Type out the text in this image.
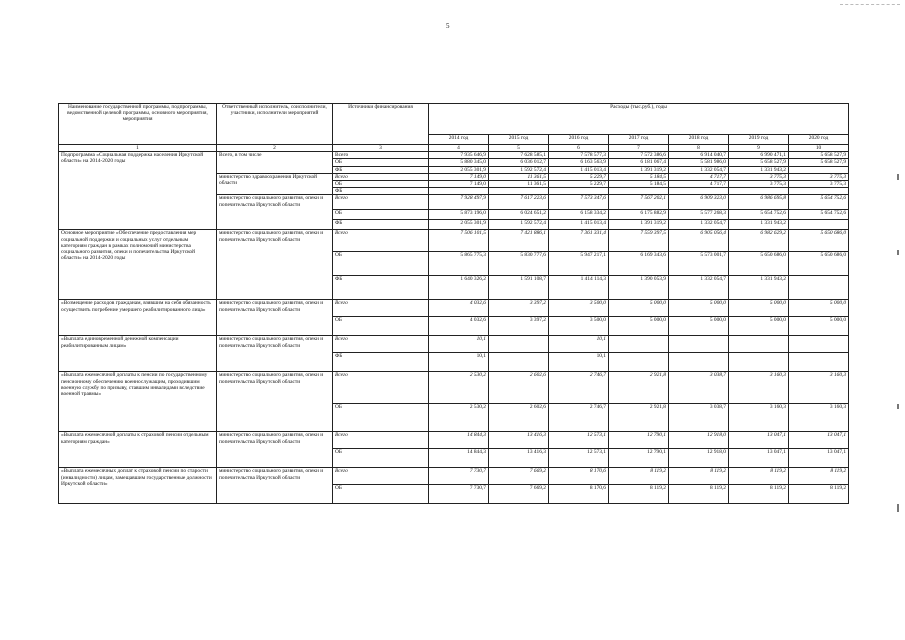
5
Наименование государственной программы, подпрограммы, ведомственной целевой программы, основного мероприятия, мероприятия	Ответственный исполнитель, соисполнители, участники, исполнители мероприятий	Источники финансирования	Расходы (тыс.руб.), годы						
			2014 год	2015 год	2016 год	2017 год	2018 год	2019 год	2020 год
1	2	3	4	5	6	7	8	9	10
Подпрограмма «Социальная поддержка населения Иркутской области» на 2014-2020 годы	Всего, в том числе	Всего	7 935 646,9	7 628 585,1	7 578 577,3	7 572 386,6	6 914 040,7	6 990 471,1	5 658 527,9
		ОБ	5 880 345,0	6 036 012,7	6 163 563,9	6 181 067,4	5 581 986,0	5 658 527,9	5 658 527,9
		ФБ	2 055 301,9	1 592 572,4	1 415 013,4	1 391 319,2	1 332 054,7	1 331 943,2	
	министерство здравоохранения Иркутской области	Всего	7 149,0	11 361,5	5 229,7	5 184,5	4 717,7	3 775,3	3 775,3
		ОБ	7 149,0	11 361,5	5 229,7	5 184,5	4 717,7	3 775,3	3 775,3
		ФБ							
	министерство социального развития, опеки и попечительства Иркутской области	Всего	7 928 497,9	7 617 223,6	7 573 347,6	7 567 202,1	6 909 323,0	6 986 695,8	5 654 752,6
		ОБ	5 873 196,0	6 024 651,2	6 158 334,2	6 175 882,9	5 577 268,3	5 654 752,6	5 654 752,6
		ФБ	2 055 301,9	1 592 572,4	1 415 013,4	1 391 319,2	1 332 054,7	1 331 943,2	
Основное мероприятие «Обеспечение предоставления мер социальной поддержки и социальных услуг отдельным категориям граждан в рамках полномочий министерства социального развития, опеки и попечительства Иркутской области» на 2014-2020 годы	министерство социального развития, опеки и попечительства Иркутской области	Всего	7 506 101,5	7 421 886,1	7 361 331,4	7 559 397,5	6 905 056,4	6 982 629,2	5 650 686,0
		ОБ	5 865 775,3	5 830 777,6	5 947 217,1	6 169 343,6	5 573 001,7	5 650 686,0	5 650 686,0
		ФБ	1 640 326,2	1 591 108,7	1 414 114,3	1 390 053,9	1 332 054,7	1 331 943,2	
«Возмещение расходов гражданам, взявшим на себя обязанность осуществить погребение умершего реабилитированного лица»	министерство социального развития, опеки и попечительства Иркутской области	Всего	4 032,6	3 397,2	3 500,0	5 000,0	5 000,0	5 000,0	5 000,0
		ОБ	4 032,6	3 397,2	3 500,0	5 000,0	5 000,0	5 000,0	5 000,0
«Выплата единовременной денежной компенсации реабилитированным лицам»	министерство социального развития, опеки и попечительства Иркутской области	Всего	10,1		10,1				
		ФБ	10,1		10,1				
«Выплата ежемесячной доплаты к пенсии по государственному пенсионному обеспечению военнослужащим, проходившим военную службу по призыву, ставшим инвалидами вследствие военной травмы»	министерство социального развития, опеки и попечительства Иркутской области	Всего	2 530,2	2 602,6	2 746,7	2 921,8	3 038,7	3 160,3	3 160,3
		ОБ	2 530,2	2 602,6	2 746,7	2 921,8	3 038,7	3 160,3	3 160,3
«Выплата ежемесячной доплаты к страховой пенсии отдельным категориям граждан»	министерство социального развития, опеки и попечительства Иркутской области	Всего	14 844,3	13 416,3	12 573,1	12 790,1	12 918,0	13 047,1	13 047,1
		ОБ	14 844,3	13 416,3	12 573,1	12 790,1	12 918,0	13 047,1	13 047,1
«Выплата ежемесячных доплат к страховой пенсии по старости (инвалидности) лицам, замещавшим государственные должности Иркутской области»	министерство социального развития, опеки и попечительства Иркутской области	Всего	7 730,7	7 669,2	8 170,6	8 119,2	8 119,2	8 119,2	8 119,2
		ОБ	7 730,7	7 669,2	8 170,6	8 119,2	8 119,2	8 119,2	8 119,2
